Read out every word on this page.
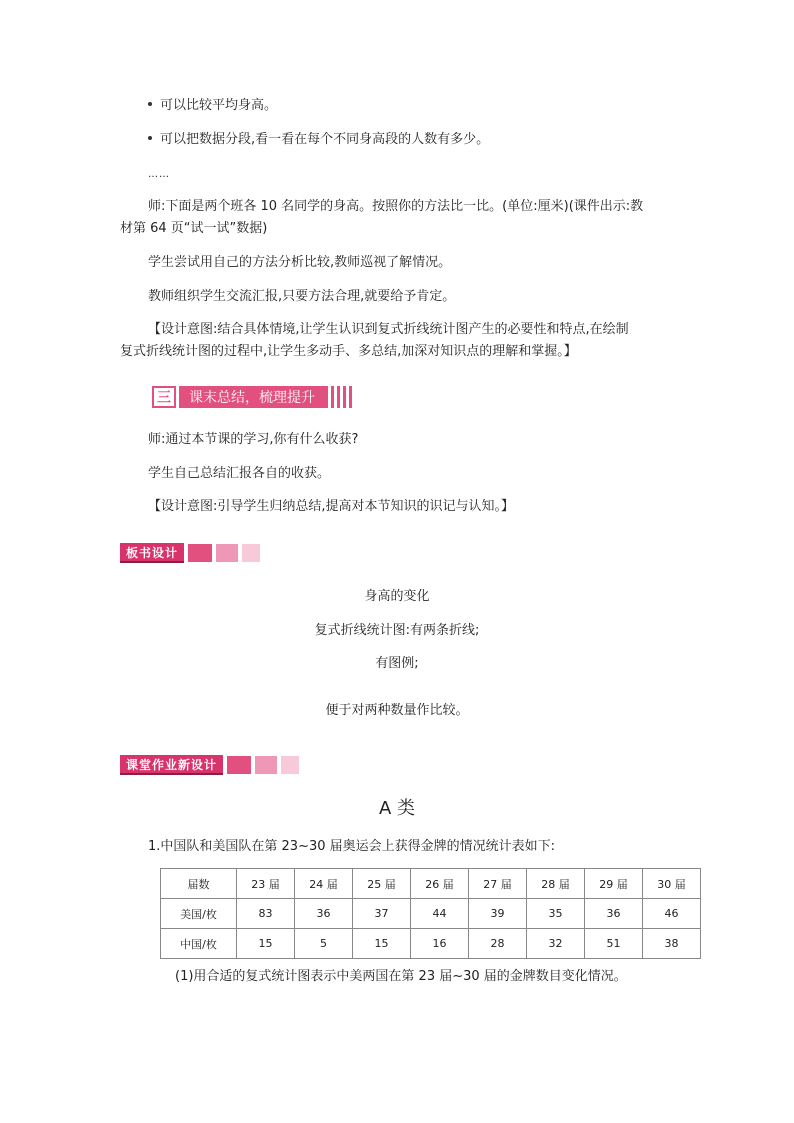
可以比较平均身高。
可以把数据分段,看一看在每个不同身高段的人数有多少。
……
师:下面是两个班各 10 名同学的身高。按照你的方法比一比。(单位:厘米)(课件出示:教
材第 64 页“试一试”数据)
学生尝试用自己的方法分析比较,教师巡视了解情况。
教师组织学生交流汇报,只要方法合理,就要给予肯定。
【设计意图:结合具体情境,让学生认识到复式折线统计图产生的必要性和特点,在绘制
复式折线统计图的过程中,让学生多动手、多总结,加深对知识点的理解和掌握。】
三	课末总结，梳理提升
师:通过本节课的学习,你有什么收获?
学生自己总结汇报各自的收获。
【设计意图:引导学生归纳总结,提高对本节知识的识记与认知。】
板书设计
身高的变化
复式折线统计图:有两条折线;
有图例;
便于对两种数量作比较。
课堂作业新设计
A 类
1.中国队和美国队在第 23~30 届奥运会上获得金牌的情况统计表如下:
届数	23 届	24 届	25 届	26 届	27 届	28 届	29 届	30 届
美国/枚	83	36	37	44	39	35	36	46
中国/枚	15	5	15	16	28	32	51	38
(1)用合适的复式统计图表示中美两国在第 23 届~30 届的金牌数目变化情况。
